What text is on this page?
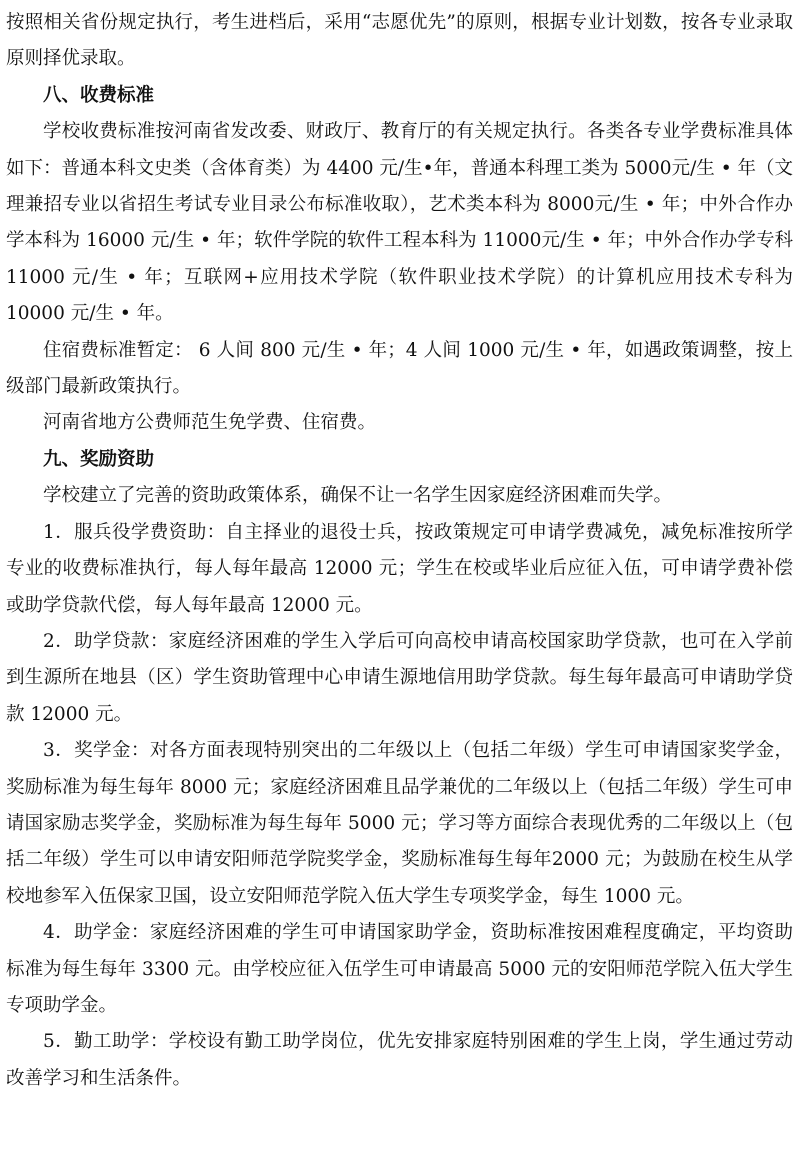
按照相关省份规定执行，考生进档后，采用“志愿优先”的原则，根据专业计划数，按各专业录取原则择优录取。

八、收费标准

学校收费标准按河南省发改委、财政厅、教育厅的有关规定执行。各类各专业学费标准具体如下：普通本科文史类（含体育类）为 4400 元/生•年，普通本科理工类为 5000元/生 • 年（文理兼招专业以省招生考试专业目录公布标准收取），艺术类本科为 8000元/生 • 年；中外合作办学本科为 16000 元/生 • 年；软件学院的软件工程本科为 11000元/生 • 年；中外合作办学专科 11000 元/生 • 年；互联网+应用技术学院（软件职业技术学院）的计算机应用技术专科为 10000 元/生 • 年。

住宿费标准暂定： 6 人间 800 元/生 • 年；4 人间 1000 元/生 • 年，如遇政策调整，按上级部门最新政策执行。

河南省地方公费师范生免学费、住宿费。

九、奖励资助

学校建立了完善的资助政策体系，确保不让一名学生因家庭经济困难而失学。

1．服兵役学费资助：自主择业的退役士兵，按政策规定可申请学费减免，减免标准按所学专业的收费标准执行，每人每年最高 12000 元；学生在校或毕业后应征入伍，可申请学费补偿或助学贷款代偿，每人每年最高 12000 元。

2．助学贷款：家庭经济困难的学生入学后可向高校申请高校国家助学贷款，也可在入学前到生源所在地县（区）学生资助管理中心申请生源地信用助学贷款。每生每年最高可申请助学贷款 12000 元。

3．奖学金：对各方面表现特别突出的二年级以上（包括二年级）学生可申请国家奖学金，奖励标准为每生每年 8000 元；家庭经济困难且品学兼优的二年级以上（包括二年级）学生可申请国家励志奖学金，奖励标准为每生每年 5000 元；学习等方面综合表现优秀的二年级以上（包括二年级）学生可以申请安阳师范学院奖学金，奖励标准每生每年2000 元；为鼓励在校生从学校地参军入伍保家卫国，设立安阳师范学院入伍大学生专项奖学金，每生 1000 元。

4．助学金：家庭经济困难的学生可申请国家助学金，资助标准按困难程度确定，平均资助标准为每生每年 3300 元。由学校应征入伍学生可申请最高 5000 元的安阳师范学院入伍大学生专项助学金。

5．勤工助学：学校设有勤工助学岗位，优先安排家庭特别困难的学生上岗，学生通过劳动改善学习和生活条件。
